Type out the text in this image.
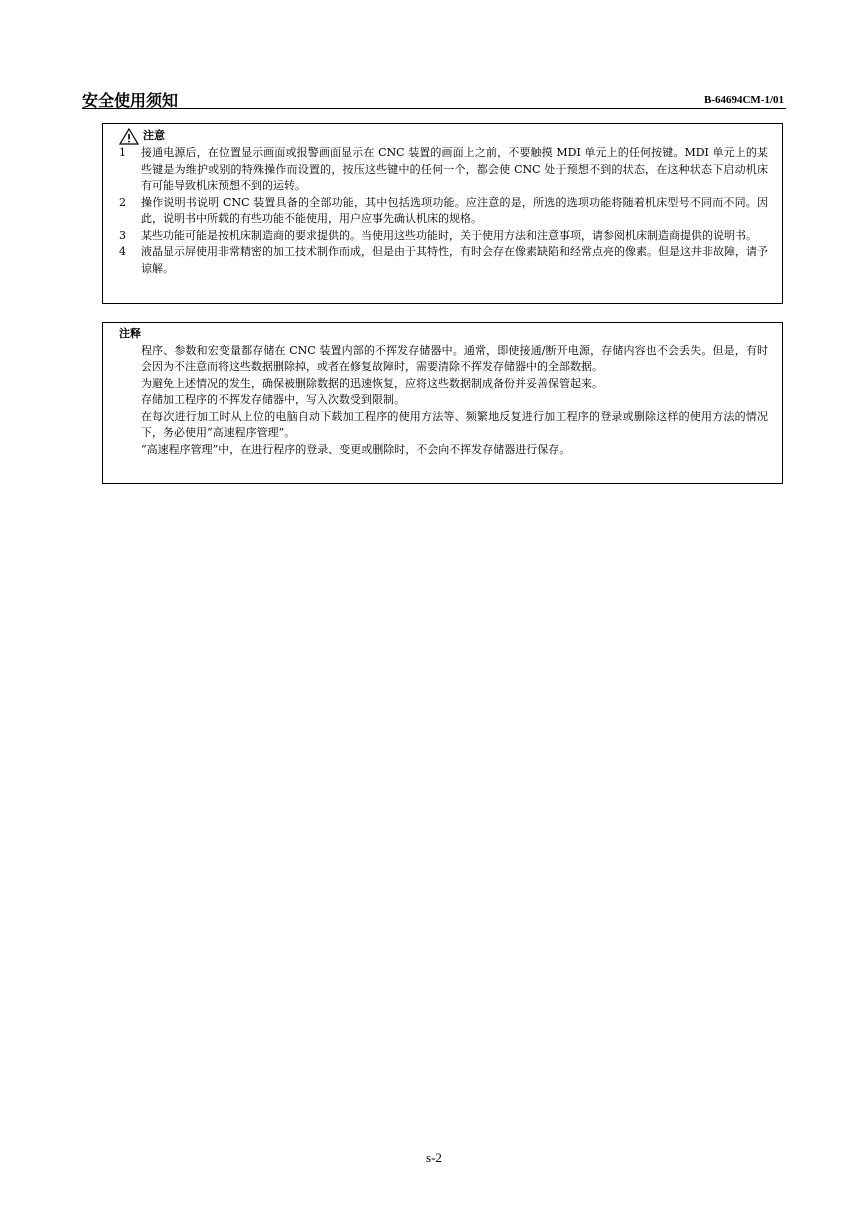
安全使用须知	B-64694CM-1/01
注意
1	接通电源后，在位置显示画面或报警画面显示在 CNC 装置的画面上之前，不要触摸 MDI 单元上的任何按键。MDI 单元上的某些键是为维护或别的特殊操作而设置的，按压这些键中的任何一个，都会使 CNC 处于预想不到的状态，在这种状态下启动机床有可能导致机床预想不到的运转。
2	操作说明书说明 CNC 装置具备的全部功能，其中包括选项功能。应注意的是，所选的选项功能将随着机床型号不同而不同。因此，说明书中所载的有些功能不能使用，用户应事先确认机床的规格。
3	某些功能可能是按机床制造商的要求提供的。当使用这些功能时，关于使用方法和注意事项，请参阅机床制造商提供的说明书。
4	液晶显示屏使用非常精密的加工技术制作而成，但是由于其特性，有时会存在像素缺陷和经常点亮的像素。但是这并非故障，请予谅解。
注释

程序、参数和宏变量都存储在 CNC 装置内部的不挥发存储器中。通常，即使接通/断开电源，存储内容也不会丢失。但是，有时会因为不注意而将这些数据删除掉，或者在修复故障时，需要清除不挥发存储器中的全部数据。

为避免上述情况的发生，确保被删除数据的迅速恢复，应将这些数据制成备份并妥善保管起来。

存储加工程序的不挥发存储器中，写入次数受到限制。

在每次进行加工时从上位的电脑自动下载加工程序的使用方法等、频繁地反复进行加工程序的登录或删除这样的使用方法的情况下，务必使用“高速程序管理”。

“高速程序管理”中，在进行程序的登录、变更或删除时，不会向不挥发存储器进行保存。

s-2
